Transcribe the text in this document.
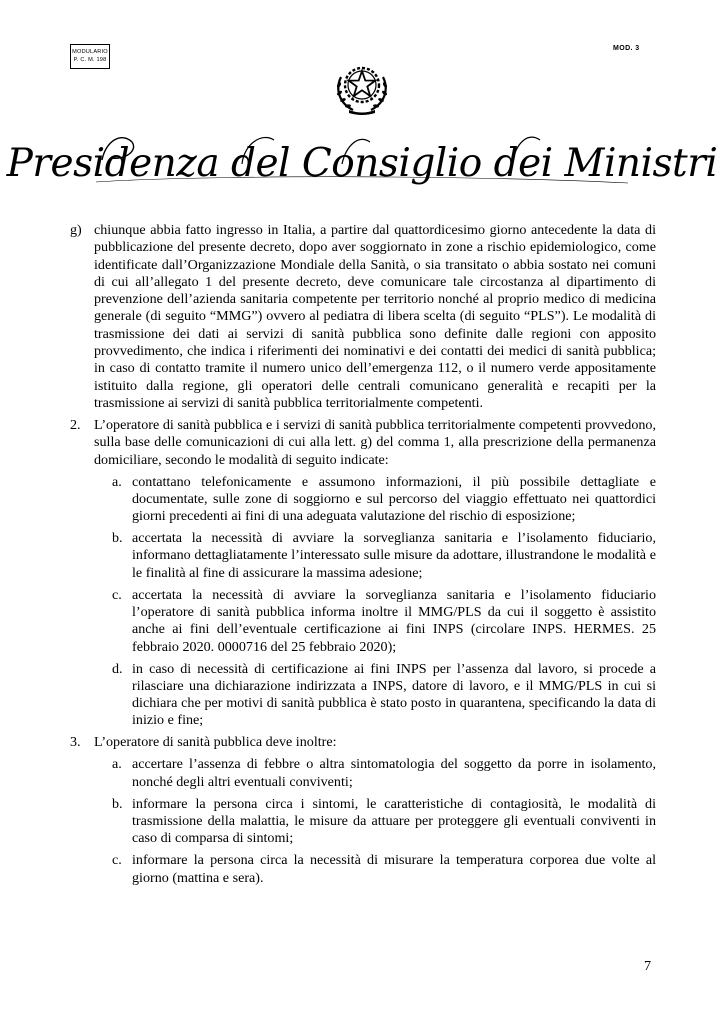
MODULARIO
P. C. M. 198
MOD. 3
Presidenza del Consiglio dei Ministri
g) chiunque abbia fatto ingresso in Italia, a partire dal quattordicesimo giorno antecedente la data di pubblicazione del presente decreto, dopo aver soggiornato in zone a rischio epidemiologico, come identificate dall’Organizzazione Mondiale della Sanità, o sia transitato o abbia sostato nei comuni di cui all’allegato 1 del presente decreto, deve comunicare tale circostanza al dipartimento di prevenzione dell’azienda sanitaria competente per territorio nonché al proprio medico di medicina generale (di seguito “MMG”) ovvero al pediatra di libera scelta (di seguito “PLS”). Le modalità di trasmissione dei dati ai servizi di sanità pubblica sono definite dalle regioni con apposito provvedimento, che indica i riferimenti dei nominativi e dei contatti dei medici di sanità pubblica; in caso di contatto tramite il numero unico dell’emergenza 112, o il numero verde appositamente istituito dalla regione, gli operatori delle centrali comunicano generalità e recapiti per la trasmissione ai servizi di sanità pubblica territorialmente competenti.
2. L’operatore di sanità pubblica e i servizi di sanità pubblica territorialmente competenti provvedono, sulla base delle comunicazioni di cui alla lett. g) del comma 1, alla prescrizione della permanenza domiciliare, secondo le modalità di seguito indicate:
a. contattano telefonicamente e assumono informazioni, il più possibile dettagliate e documentate, sulle zone di soggiorno e sul percorso del viaggio effettuato nei quattordici giorni precedenti ai fini di una adeguata valutazione del rischio di esposizione;
b. accertata la necessità di avviare la sorveglianza sanitaria e l’isolamento fiduciario, informano dettagliatamente l’interessato sulle misure da adottare, illustrandone le modalità e le finalità al fine di assicurare la massima adesione;
c. accertata la necessità di avviare la sorveglianza sanitaria e l’isolamento fiduciario l’operatore di sanità pubblica informa inoltre il MMG/PLS da cui il soggetto è assistito anche ai fini dell’eventuale certificazione ai fini INPS (circolare INPS. HERMES. 25 febbraio 2020. 0000716 del 25 febbraio 2020);
d. in caso di necessità di certificazione ai fini INPS per l’assenza dal lavoro, si procede a rilasciare una dichiarazione indirizzata a INPS, datore di lavoro, e il MMG/PLS in cui si dichiara che per motivi di sanità pubblica è stato posto in quarantena, specificando la data di inizio e fine;
3. L’operatore di sanità pubblica deve inoltre:
a. accertare l’assenza di febbre o altra sintomatologia del soggetto da porre in isolamento, nonché degli altri eventuali conviventi;
b. informare la persona circa i sintomi, le caratteristiche di contagiosità, le modalità di trasmissione della malattia, le misure da attuare per proteggere gli eventuali conviventi in caso di comparsa di sintomi;
c. informare la persona circa la necessità di misurare la temperatura corporea due volte al giorno (mattina e sera).
7
